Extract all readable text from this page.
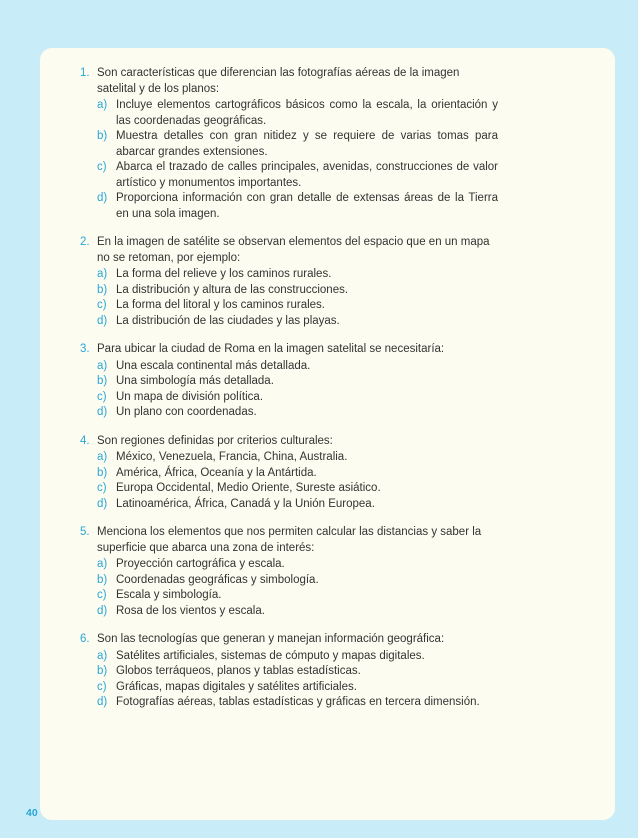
1. Son características que diferencian las fotografías aéreas de la imagen satelital y de los planos:
a) Incluye elementos cartográficos básicos como la escala, la orientación y las coordenadas geográficas.
b) Muestra detalles con gran nitidez y se requiere de varias tomas para abarcar grandes extensiones.
c) Abarca el trazado de calles principales, avenidas, construcciones de valor artístico y monumentos importantes.
d) Proporciona información con gran detalle de extensas áreas de la Tierra en una sola imagen.
2. En la imagen de satélite se observan elementos del espacio que en un mapa no se retoman, por ejemplo:
a) La forma del relieve y los caminos rurales.
b) La distribución y altura de las construcciones.
c) La forma del litoral y los caminos rurales.
d) La distribución de las ciudades y las playas.
3. Para ubicar la ciudad de Roma en la imagen satelital se necesitaría:
a) Una escala continental más detallada.
b) Una simbología más detallada.
c) Un mapa de división política.
d) Un plano con coordenadas.
4. Son regiones definidas por criterios culturales:
a) México, Venezuela, Francia, China, Australia.
b) América, África, Oceanía y la Antártida.
c) Europa Occidental, Medio Oriente, Sureste asiático.
d) Latinoamérica, África, Canadá y la Unión Europea.
5. Menciona los elementos que nos permiten calcular las distancias y saber la superficie que abarca una zona de interés:
a) Proyección cartográfica y escala.
b) Coordenadas geográficas y simbología.
c) Escala y simbología.
d) Rosa de los vientos y escala.
6. Son las tecnologías que generan y manejan información geográfica:
a) Satélites artificiales, sistemas de cómputo y mapas digitales.
b) Globos terráqueos, planos y tablas estadísticas.
c) Gráficas, mapas digitales y satélites artificiales.
d) Fotografías aéreas, tablas estadísticas y gráficas en tercera dimensión.
40
